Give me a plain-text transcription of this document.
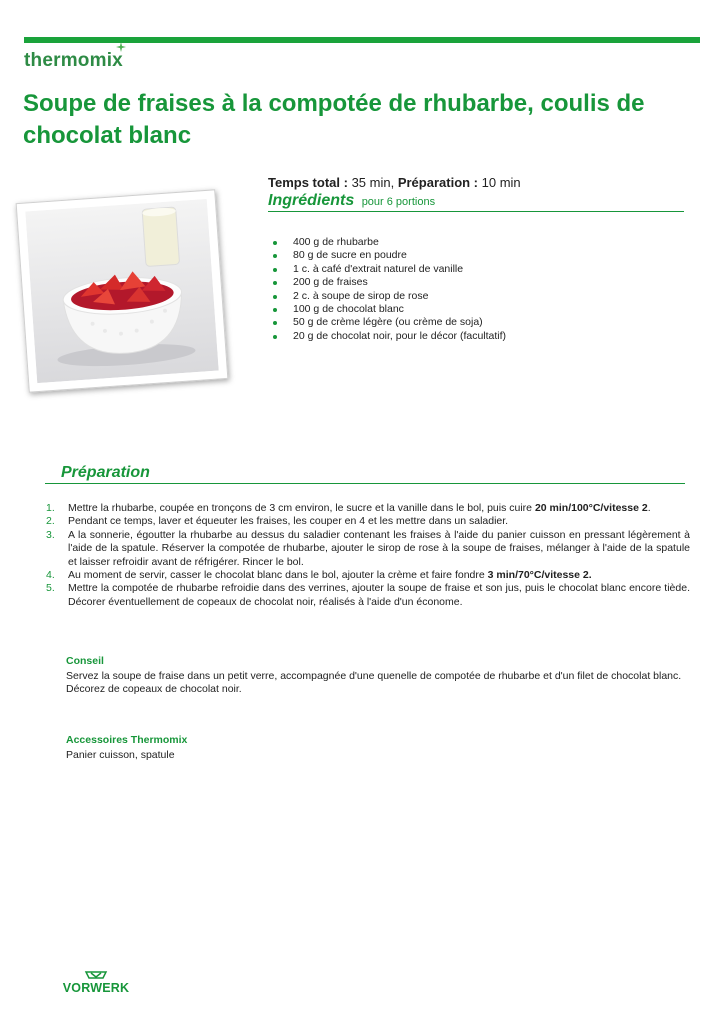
thermomix
Soupe de fraises à la compotée de rhubarbe, coulis de chocolat blanc
Temps total : 35 min, Préparation : 10 min
Ingrédients pour 6 portions
400 g de rhubarbe
80 g de sucre en poudre
1 c. à café d'extrait naturel de vanille
200 g de fraises
2 c. à soupe de sirop de rose
100 g de chocolat blanc
50 g de crème légère (ou crème de soja)
20 g de chocolat noir, pour le décor (facultatif)
Préparation
1. Mettre la rhubarbe, coupée en tronçons de 3 cm environ, le sucre et la vanille dans le bol, puis cuire 20 min/100°C/vitesse 2.
2. Pendant ce temps, laver et équeuter les fraises, les couper en 4 et les mettre dans un saladier.
3. A la sonnerie, égoutter la rhubarbe au dessus du saladier contenant les fraises à l'aide du panier cuisson en pressant légèrement à l'aide de la spatule. Réserver la compotée de rhubarbe, ajouter le sirop de rose à la soupe de fraises, mélanger à l'aide de la spatule et laisser refroidir avant de réfrigérer. Rincer le bol.
4. Au moment de servir, casser le chocolat blanc dans le bol, ajouter la crème et faire fondre 3 min/70°C/vitesse 2.
5. Mettre la compotée de rhubarbe refroidie dans des verrines, ajouter la soupe de fraise et son jus, puis le chocolat blanc encore tiède. Décorer éventuellement de copeaux de chocolat noir, réalisés à l'aide d'un économe.
Conseil
Servez la soupe de fraise dans un petit verre, accompagnée d'une quenelle de compotée de rhubarbe et d'un filet de chocolat blanc. Décorez de copeaux de chocolat noir.
Accessoires Thermomix
Panier cuisson, spatule
VORWERK
